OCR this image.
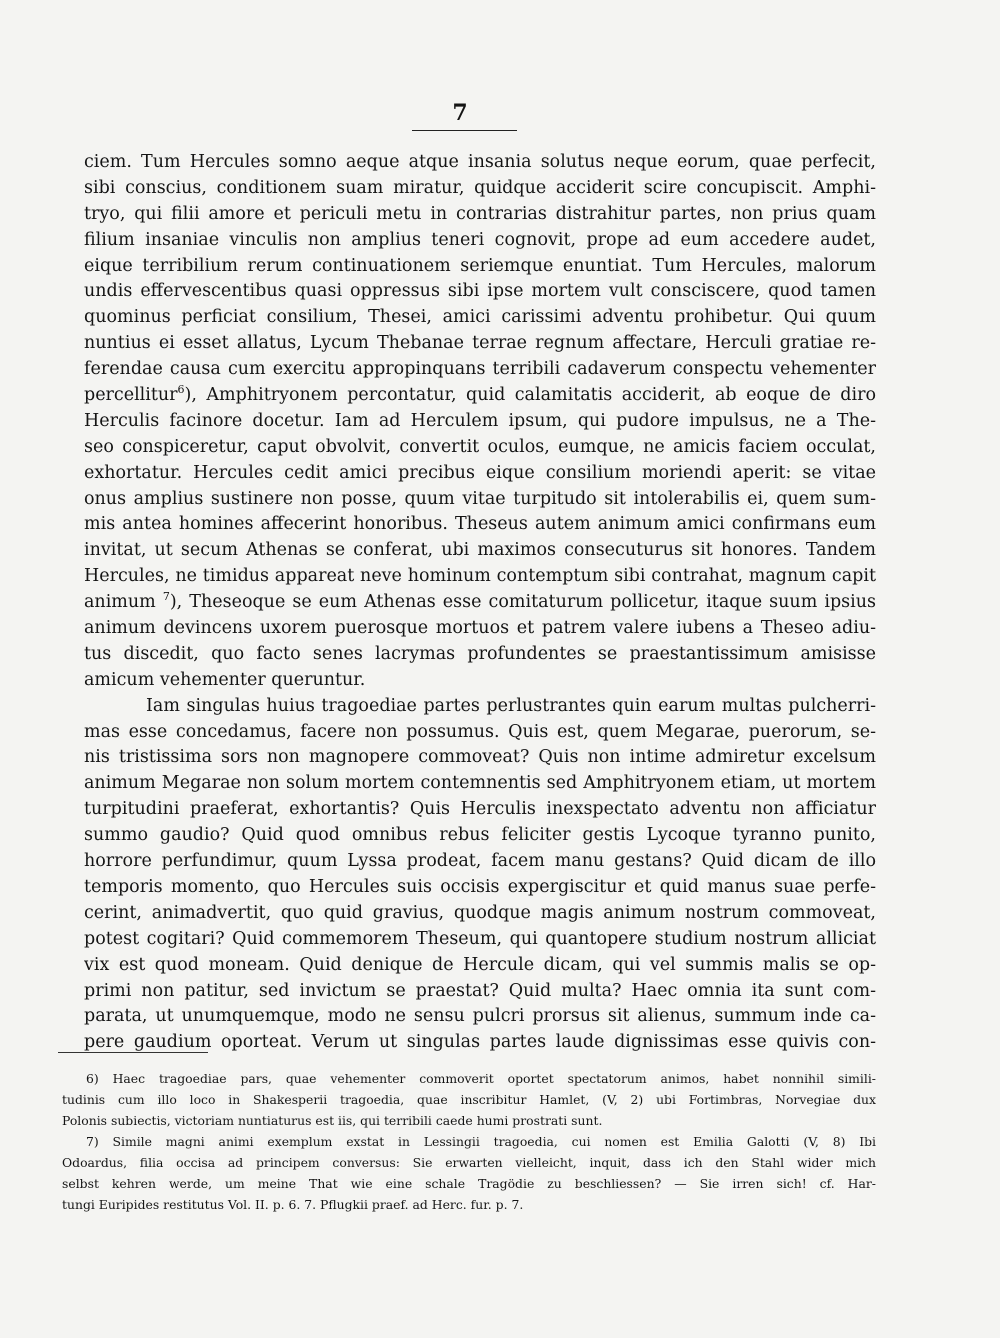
7
ciem. Tum Hercules somno aeque atque insania solutus neque eorum, quae perfecit,
sibi conscius, conditionem suam miratur, quidque acciderit scire concupiscit. Amphi-
tryo, qui filii amore et periculi metu in contrarias distrahitur partes, non prius quam
filium insaniae vinculis non amplius teneri cognovit, prope ad eum accedere audet,
eique terribilium rerum continuationem seriemque enuntiat. Tum Hercules, malorum
undis effervescentibus quasi oppressus sibi ipse mortem vult consciscere, quod tamen
quominus perficiat consilium, Thesei, amici carissimi adventu prohibetur. Qui quum
nuntius ei esset allatus, Lycum Thebanae terrae regnum affectare, Herculi gratiae re-
ferendae causa cum exercitu appropinquans terribili cadaverum conspectu vehementer
percellitur$^6$), Amphitryonem percontatur, quid calamitatis acciderit, ab eoque de diro
Herculis facinore docetur. Iam ad Herculem ipsum, qui pudore impulsus, ne a The-
seo conspiceretur, caput obvolvit, convertit oculos, eumque, ne amicis faciem occulat,
exhortatur. Hercules cedit amici precibus eique consilium moriendi aperit: se vitae
onus amplius sustinere non posse, quum vitae turpitudo sit intolerabilis ei, quem sum-
mis antea homines affecerint honoribus. Theseus autem animum amici confirmans eum
invitat, ut secum Athenas se conferat, ubi maximos consecuturus sit honores. Tandem
Hercules, ne timidus appareat neve hominum contemptum sibi contrahat, magnum capit
animum $^7$), Theseoque se eum Athenas esse comitaturum pollicetur, itaque suum ipsius
animum devincens uxorem puerosque mortuos et patrem valere iubens a Theseo adiu-
tus discedit, quo facto senes lacrymas profundentes se praestantissimum amisisse
amicum vehementer queruntur.
Iam singulas huius tragoediae partes perlustrantes quin earum multas pulcherri-
mas esse concedamus, facere non possumus. Quis est, quem Megarae, puerorum, se-
nis tristissima sors non magnopere commoveat? Quis non intime admiretur excelsum
animum Megarae non solum mortem contemnentis sed Amphitryonem etiam, ut mortem
turpitudini praeferat, exhortantis? Quis Herculis inexspectato adventu non afficiatur
summo gaudio? Quid quod omnibus rebus feliciter gestis Lycoque tyranno punito,
horrore perfundimur, quum Lyssa prodeat, facem manu gestans? Quid dicam de illo
temporis momento, quo Hercules suis occisis expergiscitur et quid manus suae perfe-
cerint, animadvertit, quo quid gravius, quodque magis animum nostrum commoveat,
potest cogitari? Quid commemorem Theseum, qui quantopere studium nostrum alliciat
vix est quod moneam. Quid denique de Hercule dicam, qui vel summis malis se op-
primi non patitur, sed invictum se praestat? Quid multa? Haec omnia ita sunt com-
parata, ut unumquemque, modo ne sensu pulcri prorsus sit alienus, summum inde ca-
pere gaudium oporteat. Verum ut singulas partes laude dignissimas esse quivis con-
6) Haec tragoediae pars, quae vehementer commoverit oportet spectatorum animos, habet nonnihil simili-
tudinis cum illo loco in Shakesperii tragoedia, quae inscribitur Hamlet, (V, 2) ubi Fortimbras, Norvegiae dux
Polonis subiectis, victoriam nuntiaturus est iis, qui terribili caede humi prostrati sunt.
7) Simile magni animi exemplum exstat in Lessingii tragoedia, cui nomen est Emilia Galotti (V, 8) Ibi
Odoardus, filia occisa ad principem conversus: Sie erwarten vielleicht, inquit, dass ich den Stahl wider mich
selbst kehren werde, um meine That wie eine schale Tragödie zu beschliessen? — Sie irren sich! cf. Har-
tungi Euripides restitutus Vol. II. p. 6. 7. Pflugkii praef. ad Herc. fur. p. 7.
